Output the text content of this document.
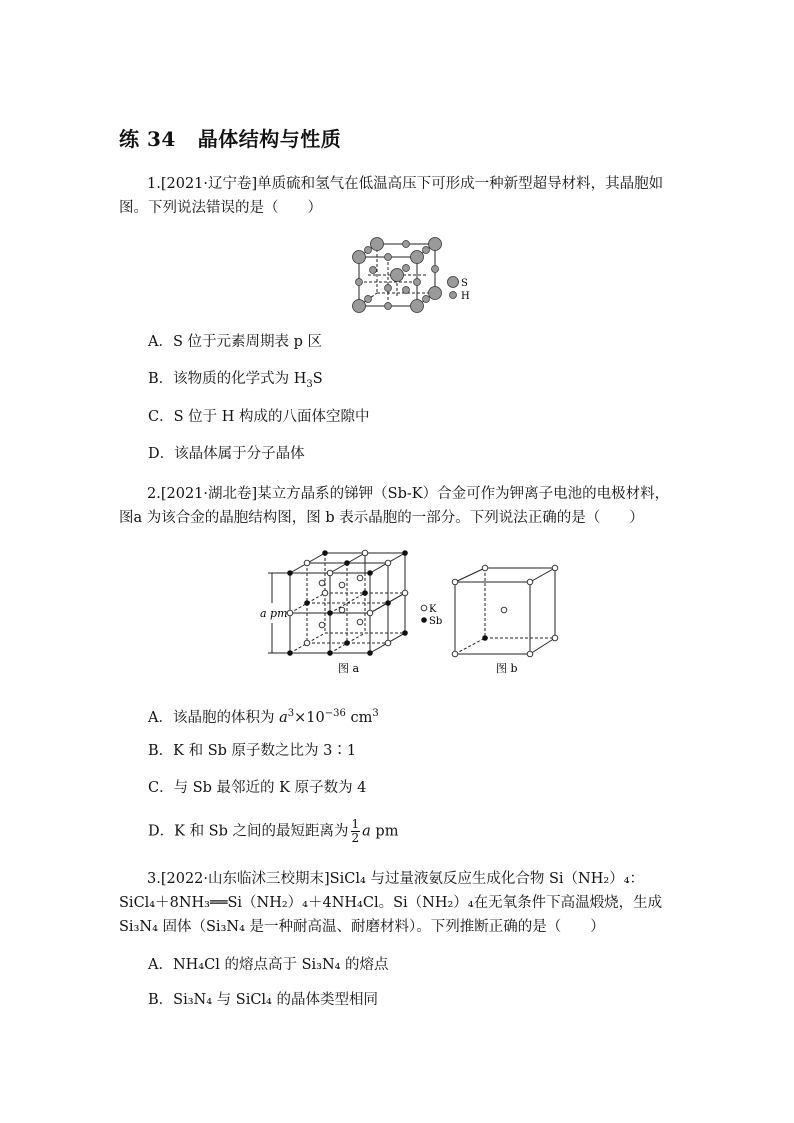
练 34 晶体结构与性质
1.[2021·辽宁卷]单质硫和氢气在低温高压下可形成一种新型超导材料，其晶胞如图。下列说法错误的是（　　）
S
H
A．S 位于元素周期表 p 区
B．该物质的化学式为 $H_3S$
C．S 位于 H 构成的八面体空隙中
D．该晶体属于分子晶体
2.[2021·湖北卷]某立方晶系的锑钾（Sb-K）合金可作为钾离子电池的电极材料，图a 为该合金的晶胞结构图，图 b 表示晶胞的一部分。下列说法正确的是（　　）
a pm	K
Sb
图 a	图 b
A．该晶胞的体积为 $a^3\times 10^{-36}$ $cm^3$
B．K 和 Sb 原子数之比为 3∶1
C．与 Sb 最邻近的 K 原子数为 4
D．K 和 Sb 之间的最短距离为 $\frac{1}{2}$ a pm
3.[2022·山东临沭三校期末]SiCl₄ 与过量液氨反应生成化合物 Si（NH₂）₄：SiCl₄＋8NH₃══Si（NH₂）₄＋4NH₄Cl。Si（NH₂）₄在无氧条件下高温煅烧，生成 Si₃N₄ 固体（Si₃N₄ 是一种耐高温、耐磨材料）。下列推断正确的是（　　）
A．NH₄Cl 的熔点高于 Si₃N₄ 的熔点
B．Si₃N₄ 与 SiCl₄ 的晶体类型相同
